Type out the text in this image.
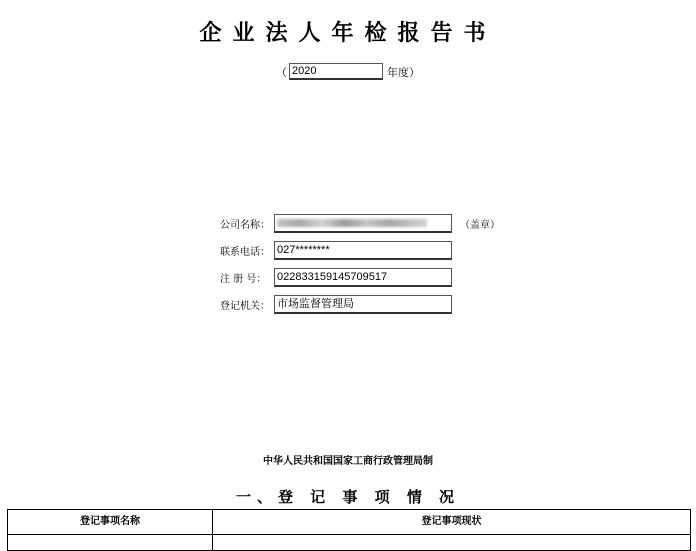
企业法人年检报告书
（ 2020	年度）
公司名称：	（盖章）
联系电话： 027********
注 册 号： 022833159145709517
登记机关： 市场监督管理局
中华人民共和国国家工商行政管理局制
一、登 记 事 项 情 况
登记事项名称	登记事项现状
